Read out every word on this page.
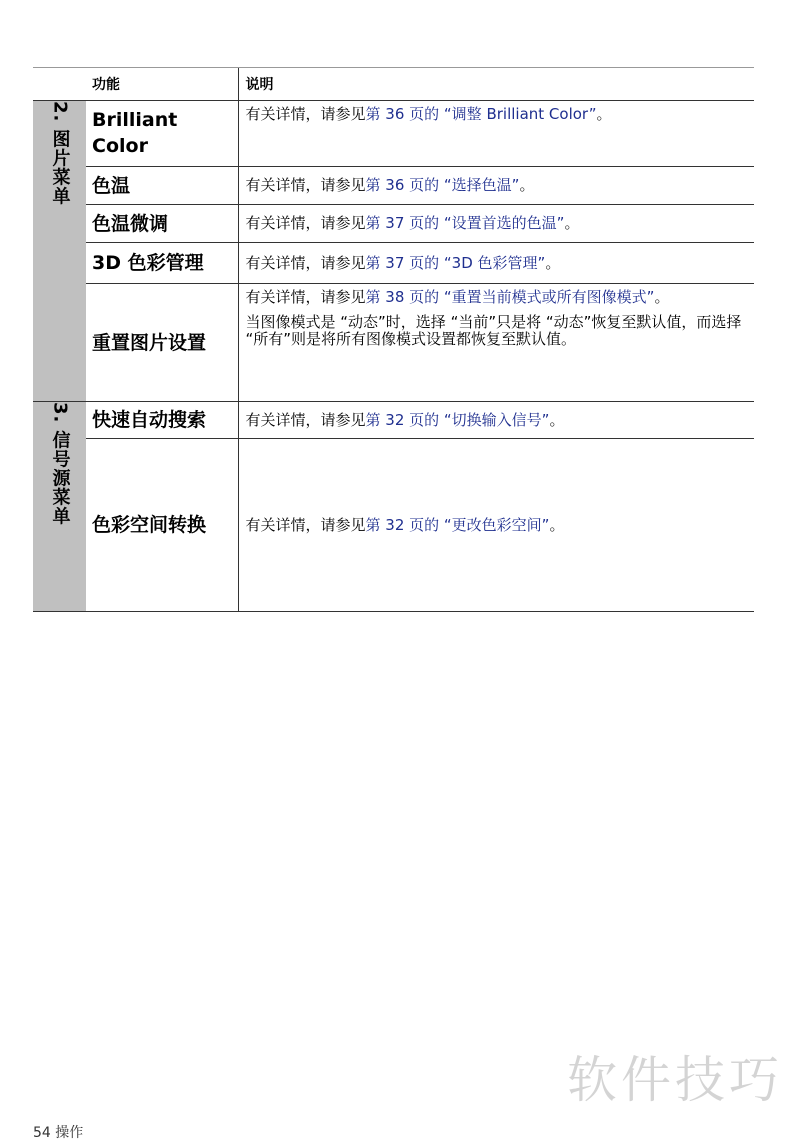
功能		说明
2. 图片菜单	Brilliant Color	有关详情，请参见第 36 页的 “调整 Brilliant Color”。
	色温	有关详情，请参见第 36 页的 “选择色温”。
	色温微调	有关详情，请参见第 37 页的 “设置首选的色温”。
	3D 色彩管理	有关详情，请参见第 37 页的 “3D 色彩管理”。
	重置图片设置	有关详情，请参见第 38 页的 “重置当前模式或所有图像模式”。
当图像模式是 “动态”时，选择 “当前”只是将 “动态”恢复至默认值，而选择 “所有”则是将所有图像模式设置都恢复至默认值。

3. 信号源菜单	快速自动搜索	有关详情，请参见第 32 页的 “切换输入信号”。
	色彩空间转换	有关详情，请参见第 32 页的 “更改色彩空间”。
软件技巧
54 操作
